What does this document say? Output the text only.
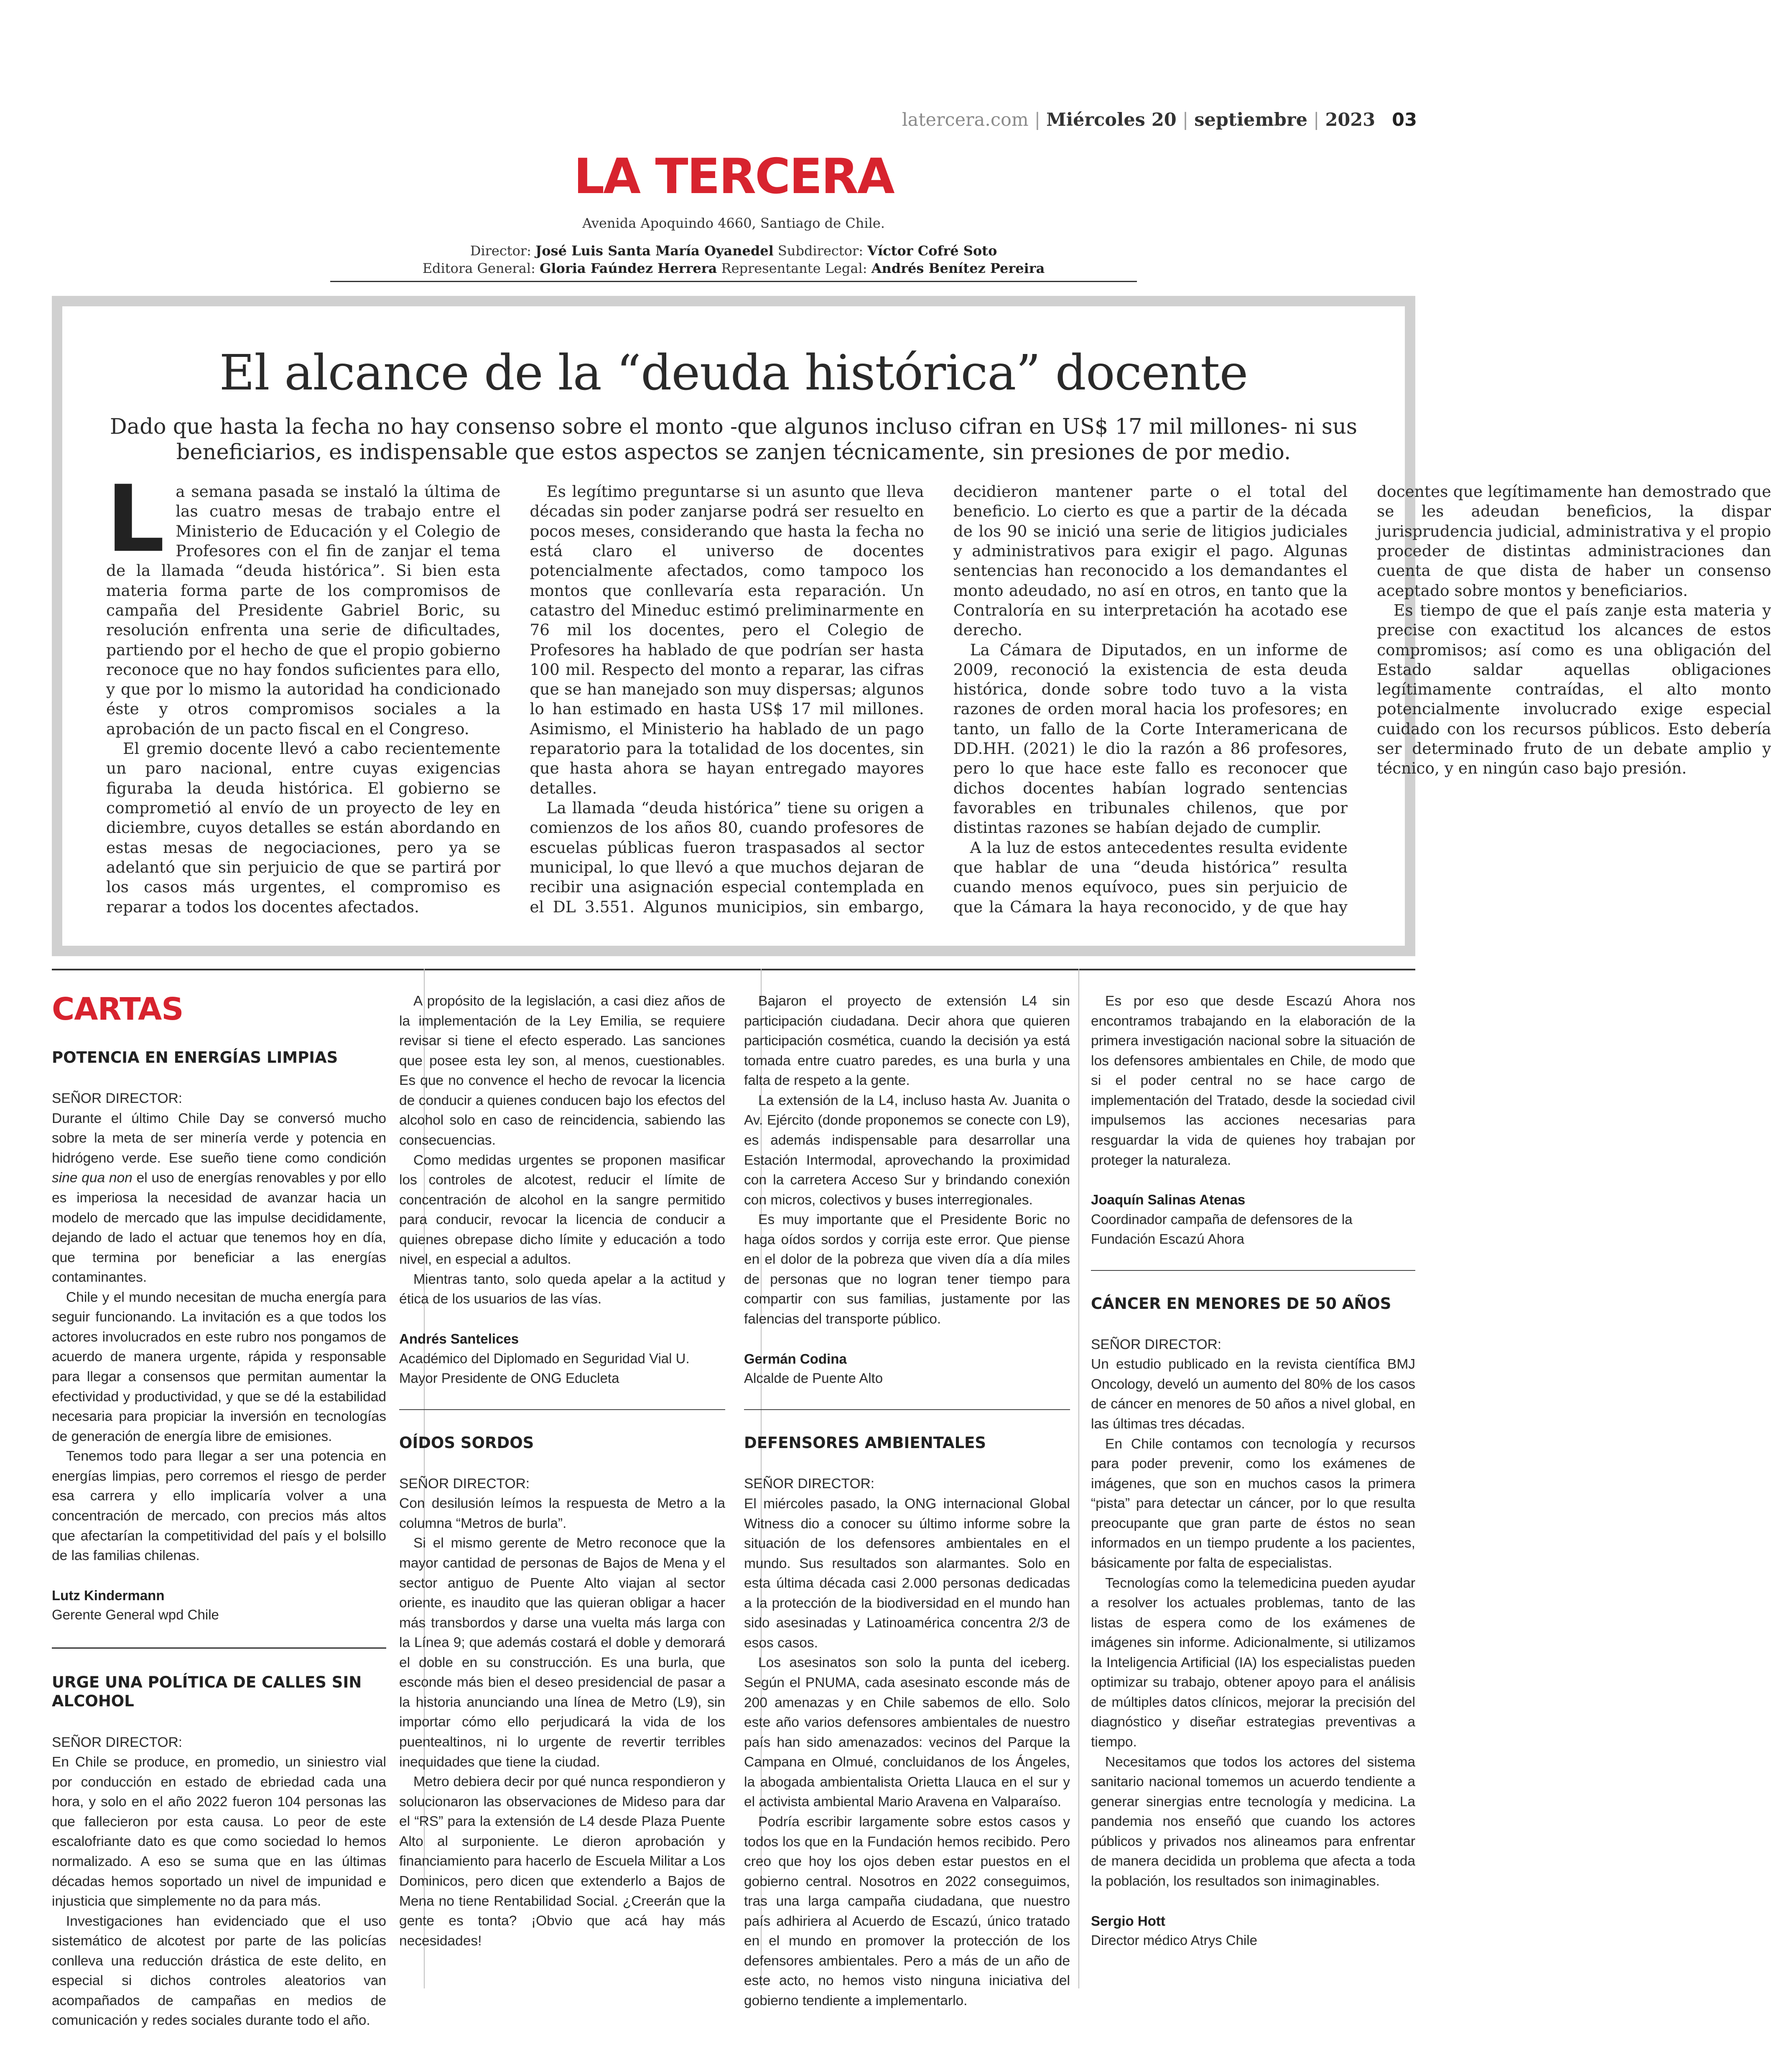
latercera.com | Miércoles 20 | septiembre | 2023 03
LA TERCERA
Avenida Apoquindo 4660, Santiago de Chile.
Director: José Luis Santa María Oyanedel Subdirector: Víctor Cofré Soto
Editora General: Gloria Faúndez Herrera Representante Legal: Andrés Benítez Pereira
El alcance de la “deuda histórica” docente
Dado que hasta la fecha no hay consenso sobre el monto -que algunos incluso cifran en US$ 17 mil millones- ni sus beneficiarios, es indispensable que estos aspectos se zanjen técnicamente, sin presiones de por medio.

La semana pasada se instaló la última de las cuatro mesas de trabajo entre el Ministerio de Educación y el Colegio de Profesores con el fin de zanjar el tema de la llamada “deuda histórica”. Si bien esta materia forma parte de los compromisos de campaña del Presidente Gabriel Boric, su resolución enfrenta una serie de dificultades, partiendo por el hecho de que el propio gobierno reconoce que no hay fondos suficientes para ello, y que por lo mismo la autoridad ha condicionado éste y otros compromisos sociales a la aprobación de un pacto fiscal en el Congreso.

El gremio docente llevó a cabo recientemente un paro nacional, entre cuyas exigencias figuraba la deuda histórica. El gobierno se comprometió al envío de un proyecto de ley en diciembre, cuyos detalles se están abordando en estas mesas de negociaciones, pero ya se adelantó que sin perjuicio de que se partirá por los casos más urgentes, el compromiso es reparar a todos los docentes afectados.

Es legítimo preguntarse si un asunto que lleva décadas sin poder zanjarse podrá ser resuelto en pocos meses, considerando que hasta la fecha no está claro el universo de docentes potencialmente afectados, como tampoco los montos que conllevaría esta reparación. Un catastro del Mineduc estimó preliminarmente en 76 mil los docentes, pero el Colegio de Profesores ha hablado de que podrían ser hasta 100 mil. Respecto del monto a reparar, las cifras que se han manejado son muy dispersas; algunos lo han estimado en hasta US$ 17 mil millones. Asimismo, el Ministerio ha hablado de un pago reparatorio para la totalidad de los docentes, sin que hasta ahora se hayan entregado mayores detalles.

La llamada “deuda histórica” tiene su origen a comienzos de los años 80, cuando profesores de escuelas públicas fueron traspasados al sector municipal, lo que llevó a que muchos dejaran de recibir una asignación especial contemplada en el DL 3.551. Algunos municipios, sin embargo, decidieron mantener parte o el total del beneficio. Lo cierto es que a partir de la década de los 90 se inició una serie de litigios judiciales y administrativos para exigir el pago. Algunas sentencias han reconocido a los demandantes el monto adeudado, no así en otros, en tanto que la Contraloría en su interpretación ha acotado ese derecho.

La Cámara de Diputados, en un informe de 2009, reconoció la existencia de esta deuda histórica, donde sobre todo tuvo a la vista razones de orden moral hacia los profesores; en tanto, un fallo de la Corte Interamericana de DD.HH. (2021) le dio la razón a 86 profesores, pero lo que hace este fallo es reconocer que dichos docentes habían logrado sentencias favorables en tribunales chilenos, que por distintas razones se habían dejado de cumplir.

A la luz de estos antecedentes resulta evidente que hablar de una “deuda histórica” resulta cuando menos equívoco, pues sin perjuicio de que la Cámara la haya reconocido, y de que hay docentes que legítimamente han demostrado que se les adeudan beneficios, la dispar jurisprudencia judicial, administrativa y el propio proceder de distintas administraciones dan cuenta de que dista de haber un consenso aceptado sobre montos y beneficiarios.

Es tiempo de que el país zanje esta materia y precise con exactitud los alcances de estos compromisos; así como es una obligación del Estado saldar aquellas obligaciones legítimamente contraídas, el alto monto potencialmente involucrado exige especial cuidado con los recursos públicos. Esto debería ser determinado fruto de un debate amplio y técnico, y en ningún caso bajo presión.

CARTAS
POTENCIA EN ENERGÍAS LIMPIAS

SEÑOR DIRECTOR:

Durante el último Chile Day se conversó mucho sobre la meta de ser minería verde y potencia en hidrógeno verde. Ese sueño tiene como condición sine qua non el uso de energías renovables y por ello es imperiosa la necesidad de avanzar hacia un modelo de mercado que las impulse decididamente, dejando de lado el actuar que tenemos hoy en día, que termina por beneficiar a las energías contaminantes.

Chile y el mundo necesitan de mucha energía para seguir funcionando. La invitación es a que todos los actores involucrados en este rubro nos pongamos de acuerdo de manera urgente, rápida y responsable para llegar a consensos que permitan aumentar la efectividad y productividad, y que se dé la estabilidad necesaria para propiciar la inversión en tecnologías de generación de energía libre de emisiones.

Tenemos todo para llegar a ser una potencia en energías limpias, pero corremos el riesgo de perder esa carrera y ello implicaría volver a una concentración de mercado, con precios más altos que afectarían la competitividad del país y el bolsillo de las familias chilenas.

Lutz Kindermann
Gerente General wpd Chile
URGE UNA POLÍTICA DE CALLES SIN ALCOHOL

SEÑOR DIRECTOR:

En Chile se produce, en promedio, un siniestro vial por conducción en estado de ebriedad cada una hora, y solo en el año 2022 fueron 104 personas las que fallecieron por esta causa. Lo peor de este escalofriante dato es que como sociedad lo hemos normalizado. A eso se suma que en las últimas décadas hemos soportado un nivel de impunidad e injusticia que simplemente no da para más.

Investigaciones han evidenciado que el uso sistemático de alcotest por parte de las policías conlleva una reducción drástica de este delito, en especial si dichos controles aleatorios van acompañados de campañas en medios de comunicación y redes sociales durante todo el año.

A propósito de la legislación, a casi diez años de la implementación de la Ley Emilia, se requiere revisar si tiene el efecto esperado. Las sanciones que posee esta ley son, al menos, cuestionables. Es que no convence el hecho de revocar la licencia de conducir a quienes conducen bajo los efectos del alcohol solo en caso de reincidencia, sabiendo las consecuencias.

Como medidas urgentes se proponen masificar los controles de alcotest, reducir el límite de concentración de alcohol en la sangre permitido para conducir, revocar la licencia de conducir a quienes obrepase dicho límite y educación a todo nivel, en especial a adultos.

Mientras tanto, solo queda apelar a la actitud y ética de los usuarios de las vías.

Andrés Santelices
Académico del Diplomado en Seguridad Vial U. Mayor Presidente de ONG Educleta
OÍDOS SORDOS

SEÑOR DIRECTOR:

Con desilusión leímos la respuesta de Metro a la columna “Metros de burla”.

Si el mismo gerente de Metro reconoce que la mayor cantidad de personas de Bajos de Mena y el sector antiguo de Puente Alto viajan al sector oriente, es inaudito que las quieran obligar a hacer más transbordos y darse una vuelta más larga con la Línea 9; que además costará el doble y demorará el doble en su construcción. Es una burla, que esconde más bien el deseo presidencial de pasar a la historia anunciando una línea de Metro (L9), sin importar cómo ello perjudicará la vida de los puentealtinos, ni lo urgente de revertir terribles inequidades que tiene la ciudad.

Metro debiera decir por qué nunca respondieron y solucionaron las observaciones de Mideso para dar el “RS” para la extensión de L4 desde Plaza Puente Alto al surponiente. Le dieron aprobación y financiamiento para hacerlo de Escuela Militar a Los Dominicos, pero dicen que extenderlo a Bajos de Mena no tiene Rentabilidad Social. ¿Creerán que la gente es tonta? ¡Obvio que acá hay más necesidades!

Bajaron el proyecto de extensión L4 sin participación ciudadana. Decir ahora que quieren participación cosmética, cuando la decisión ya está tomada entre cuatro paredes, es una burla y una falta de respeto a la gente.

La extensión de la L4, incluso hasta Av. Juanita o Av. Ejército (donde proponemos se conecte con L9), es además indispensable para desarrollar una Estación Intermodal, aprovechando la proximidad con la carretera Acceso Sur y brindando conexión con micros, colectivos y buses interregionales.

Es muy importante que el Presidente Boric no haga oídos sordos y corrija este error. Que piense en el dolor de la pobreza que viven día a día miles de personas que no logran tener tiempo para compartir con sus familias, justamente por las falencias del transporte público.

Germán Codina
Alcalde de Puente Alto
DEFENSORES AMBIENTALES

SEÑOR DIRECTOR:

El miércoles pasado, la ONG internacional Global Witness dio a conocer su último informe sobre la situación de los defensores ambientales en el mundo. Sus resultados son alarmantes. Solo en esta última década casi 2.000 personas dedicadas a la protección de la biodiversidad en el mundo han sido asesinadas y Latinoamérica concentra 2/3 de esos casos.

Los asesinatos son solo la punta del iceberg. Según el PNUMA, cada asesinato esconde más de 200 amenazas y en Chile sabemos de ello. Solo este año varios defensores ambientales de nuestro país han sido amenazados: vecinos del Parque la Campana en Olmué, concluidanos de los Ángeles, la abogada ambientalista Orietta Llauca en el sur y el activista ambiental Mario Aravena en Valparaíso.

Podría escribir largamente sobre estos casos y todos los que en la Fundación hemos recibido. Pero creo que hoy los ojos deben estar puestos en el gobierno central. Nosotros en 2022 conseguimos, tras una larga campaña ciudadana, que nuestro país adhiriera al Acuerdo de Escazú, único tratado en el mundo en promover la protección de los defensores ambientales. Pero a más de un año de este acto, no hemos visto ninguna iniciativa del gobierno tendiente a implementarlo.

Es por eso que desde Escazú Ahora nos encontramos trabajando en la elaboración de la primera investigación nacional sobre la situación de los defensores ambientales en Chile, de modo que si el poder central no se hace cargo de implementación del Tratado, desde la sociedad civil impulsemos las acciones necesarias para resguardar la vida de quienes hoy trabajan por proteger la naturaleza.

Joaquín Salinas Atenas
Coordinador campaña de defensores de la Fundación Escazú Ahora
CÁNCER EN MENORES DE 50 AÑOS

SEÑOR DIRECTOR:

Un estudio publicado en la revista científica BMJ Oncology, develó un aumento del 80% de los casos de cáncer en menores de 50 años a nivel global, en las últimas tres décadas.

En Chile contamos con tecnología y recursos para poder prevenir, como los exámenes de imágenes, que son en muchos casos la primera “pista” para detectar un cáncer, por lo que resulta preocupante que gran parte de éstos no sean informados en un tiempo prudente a los pacientes, básicamente por falta de especialistas.

Tecnologías como la telemedicina pueden ayudar a resolver los actuales problemas, tanto de las listas de espera como de los exámenes de imágenes sin informe. Adicionalmente, si utilizamos la Inteligencia Artificial (IA) los especialistas pueden optimizar su trabajo, obtener apoyo para el análisis de múltiples datos clínicos, mejorar la precisión del diagnóstico y diseñar estrategias preventivas a tiempo.

Necesitamos que todos los actores del sistema sanitario nacional tomemos un acuerdo tendiente a generar sinergias entre tecnología y medicina. La pandemia nos enseñó que cuando los actores públicos y privados nos alineamos para enfrentar de manera decidida un problema que afecta a toda la población, los resultados son inimaginables.

Sergio Hott
Director médico Atrys Chile
